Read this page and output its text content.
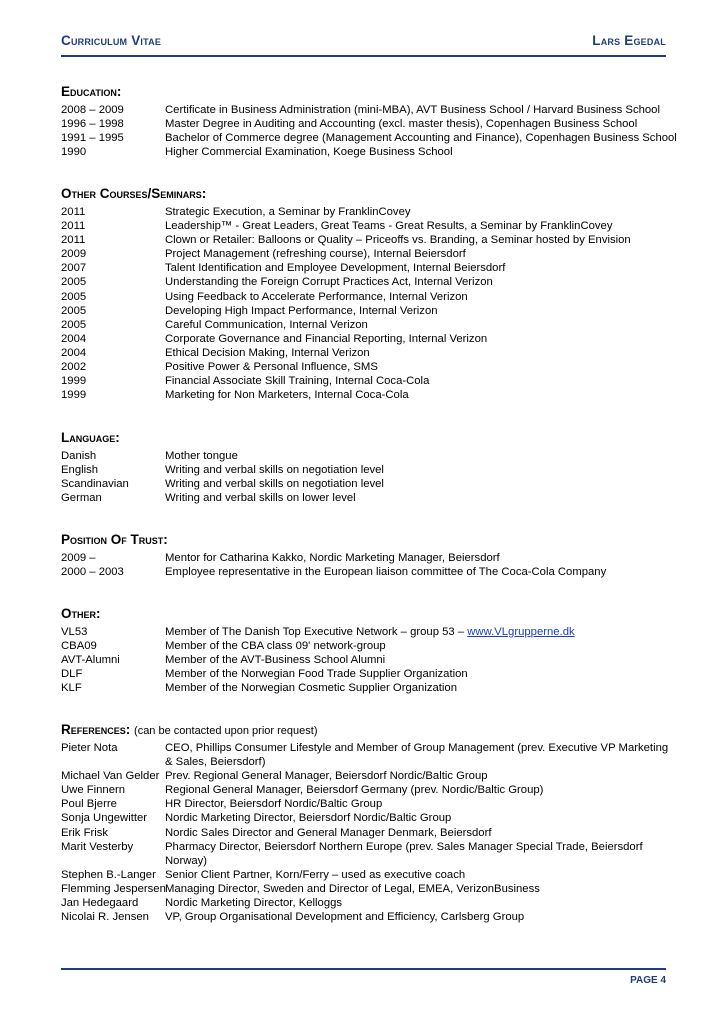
Curriculum Vitae	Lars Egedal
Education:
2008 – 2009	Certificate in Business Administration (mini-MBA), AVT Business School / Harvard Business School
1996 – 1998	Master Degree in Auditing and Accounting (excl. master thesis), Copenhagen Business School
1991 – 1995	Bachelor of Commerce degree (Management Accounting and Finance), Copenhagen Business School
1990	Higher Commercial Examination, Koege Business School
Other Courses/Seminars:
2011	Strategic Execution, a Seminar by FranklinCovey
2011	Leadership™ - Great Leaders, Great Teams - Great Results, a Seminar by FranklinCovey
2011	Clown or Retailer: Balloons or Quality – Priceoffs vs. Branding, a Seminar hosted by Envision
2009	Project Management (refreshing course), Internal Beiersdorf
2007	Talent Identification and Employee Development, Internal Beiersdorf
2005	Understanding the Foreign Corrupt Practices Act, Internal Verizon
2005	Using Feedback to Accelerate Performance, Internal Verizon
2005	Developing High Impact Performance, Internal Verizon
2005	Careful Communication, Internal Verizon
2004	Corporate Governance and Financial Reporting, Internal Verizon
2004	Ethical Decision Making, Internal Verizon
2002	Positive Power & Personal Influence, SMS
1999	Financial Associate Skill Training, Internal Coca-Cola
1999	Marketing for Non Marketers, Internal Coca-Cola
Language:
Danish	Mother tongue
English	Writing and verbal skills on negotiation level
Scandinavian	Writing and verbal skills on negotiation level
German	Writing and verbal skills on lower level
Position Of Trust:
2009 –	Mentor for Catharina Kakko, Nordic Marketing Manager, Beiersdorf
2000 – 2003	Employee representative in the European liaison committee of The Coca-Cola Company
Other:
VL53	Member of The Danish Top Executive Network – group 53 – www.VLgrupperne.dk
CBA09	Member of the CBA class 09' network-group
AVT-Alumni	Member of the AVT-Business School Alumni
DLF	Member of the Norwegian Food Trade Supplier Organization
KLF	Member of the Norwegian Cosmetic Supplier Organization
References: (can be contacted upon prior request)
Pieter Nota	CEO, Phillips Consumer Lifestyle and Member of Group Management (prev. Executive VP Marketing & Sales, Beiersdorf)
Michael Van Gelder Prev. Regional General Manager, Beiersdorf Nordic/Baltic Group
Uwe Finnern	Regional General Manager, Beiersdorf Germany (prev. Nordic/Baltic Group)
Poul Bjerre	HR Director, Beiersdorf Nordic/Baltic Group
Sonja Ungewitter	Nordic Marketing Director, Beiersdorf Nordic/Baltic Group
Erik Frisk	Nordic Sales Director and General Manager Denmark, Beiersdorf
Marit Vesterby	Pharmacy Director, Beiersdorf Northern Europe (prev. Sales Manager Special Trade, Beiersdorf Norway)
Stephen B.-Langer Senior Client Partner, Korn/Ferry – used as executive coach
Flemming Jespersen Managing Director, Sweden and Director of Legal, EMEA, VerizonBusiness
Jan Hedegaard	Nordic Marketing Director, Kelloggs
Nicolai R. Jensen	VP, Group Organisational Development and Efficiency, Carlsberg Group
PAGE 4
